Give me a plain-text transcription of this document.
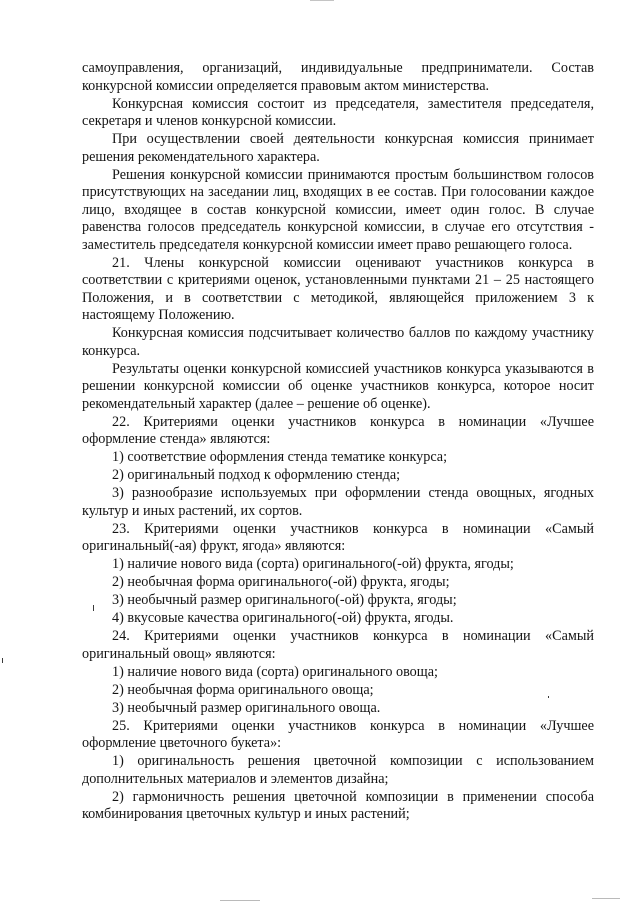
самоуправления, организаций, индивидуальные предприниматели. Состав конкурсной комиссии определяется правовым актом министерства.

Конкурсная комиссия состоит из председателя, заместителя председателя, секретаря и членов конкурсной комиссии.

При осуществлении своей деятельности конкурсная комиссия принимает решения рекомендательного характера.

Решения конкурсной комиссии принимаются простым большинством голосов присутствующих на заседании лиц, входящих в ее состав. При голосовании каждое лицо, входящее в состав конкурсной комиссии, имеет один голос. В случае равенства голосов председатель конкурсной комиссии, в случае его отсутствия - заместитель председателя конкурсной комиссии имеет право решающего голоса.

21. Члены конкурсной комиссии оценивают участников конкурса в соответствии с критериями оценок, установленными пунктами 21 – 25 настоящего Положения, и в соответствии с методикой, являющейся приложением 3 к настоящему Положению.

Конкурсная комиссия подсчитывает количество баллов по каждому участнику конкурса.

Результаты оценки конкурсной комиссией участников конкурса указываются в решении конкурсной комиссии об оценке участников конкурса, которое носит рекомендательный характер (далее – решение об оценке).

22. Критериями оценки участников конкурса в номинации «Лучшее оформление стенда» являются:

1) соответствие оформления стенда тематике конкурса;

2) оригинальный подход к оформлению стенда;

3) разнообразие используемых при оформлении стенда овощных, ягодных культур и иных растений, их сортов.

23. Критериями оценки участников конкурса в номинации «Самый оригинальный(-ая) фрукт, ягода» являются:

1) наличие нового вида (сорта) оригинального(-ой) фрукта, ягоды;

2) необычная форма оригинального(-ой) фрукта, ягоды;

3) необычный размер оригинального(-ой) фрукта, ягоды;

4) вкусовые качества оригинального(-ой) фрукта, ягоды.

24. Критериями оценки участников конкурса в номинации «Самый оригинальный овощ» являются:

1) наличие нового вида (сорта) оригинального овоща;

2) необычная форма оригинального овоща;

3) необычный размер оригинального овоща.

25. Критериями оценки участников конкурса в номинации «Лучшее оформление цветочного букета»:

1) оригинальность решения цветочной композиции с использованием дополнительных материалов и элементов дизайна;

2) гармоничность решения цветочной композиции в применении способа комбинирования цветочных культур и иных растений;
